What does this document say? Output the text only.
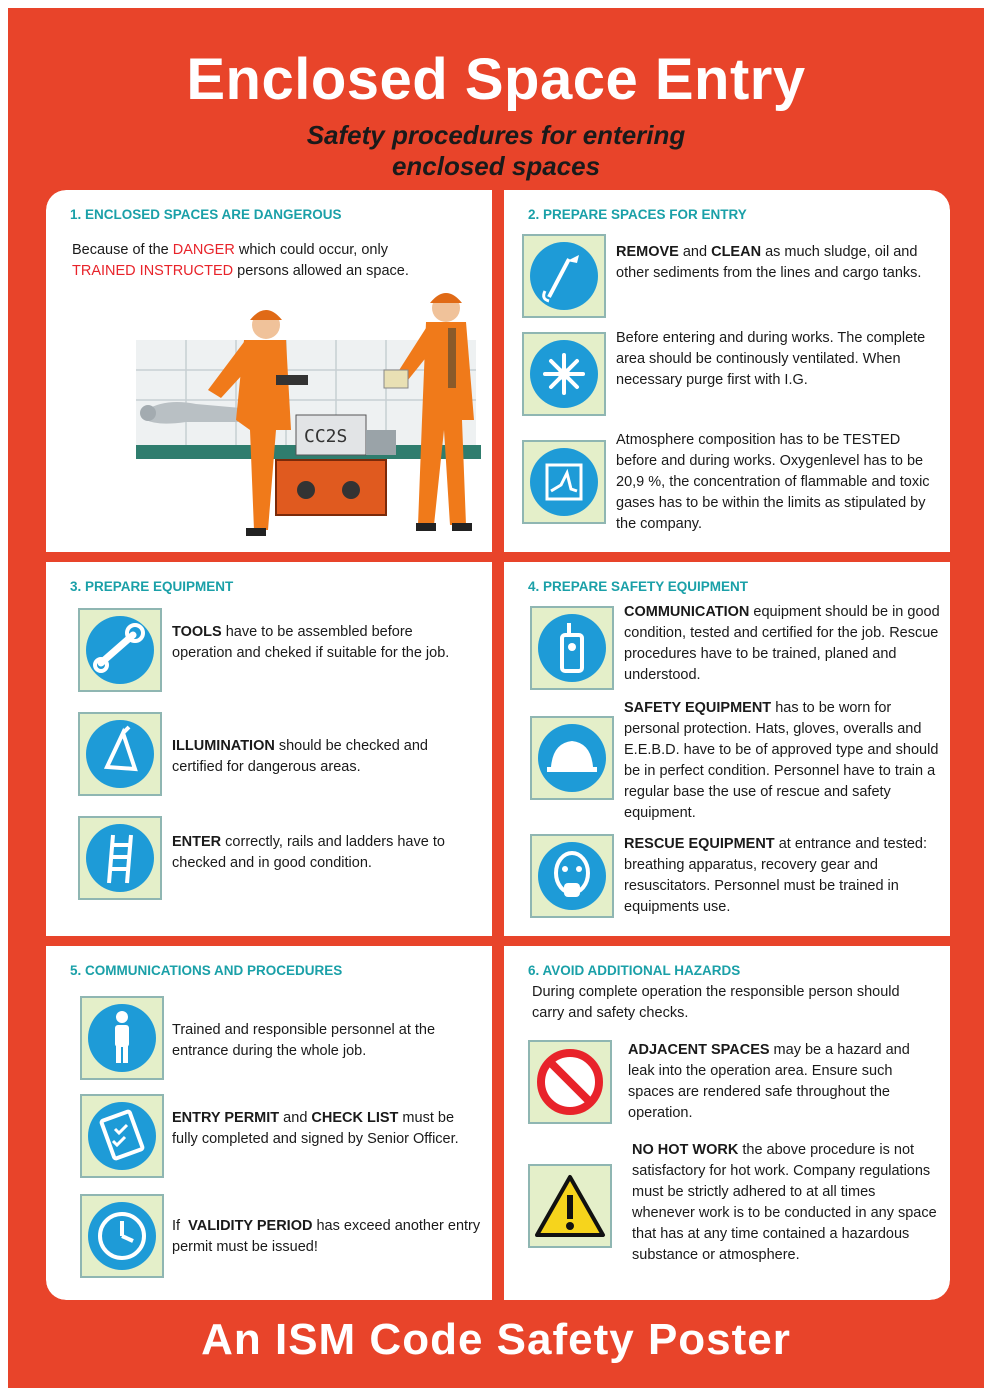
Enclosed Space Entry
Safety procedures for entering
enclosed spaces
1. ENCLOSED SPACES ARE DANGEROUS
Because of the DANGER which could occur, only
TRAINED INSTRUCTED persons allowed an space.
CC2S
2. PREPARE SPACES FOR ENTRY
REMOVE and CLEAN as much sludge, oil and other sediments from the lines and cargo tanks.
Before entering and during works. The complete area should be continously ventilated. When necessary purge first with I.G.
Atmosphere composition has to be TESTED before and during works. Oxygenlevel has to be 20,9 %, the concentration of flammable and toxic gases has to be within the limits as stipulated by the company.
3. PREPARE EQUIPMENT
TOOLS have to be assembled before operation and cheked if suitable for the job.
ILLUMINATION should be checked and certified for dangerous areas.
ENTER correctly, rails and ladders have to checked and in good condition.
4. PREPARE SAFETY EQUIPMENT
COMMUNICATION equipment should be in good condition, tested and certified for the job. Rescue procedures have to be trained, planed and understood.
SAFETY EQUIPMENT has to be worn for personal protection. Hats, gloves, overalls and E.E.B.D. have to be of approved type and should be in perfect condition. Personnel have to train a regular base the use of rescue and safety equipment.
RESCUE EQUIPMENT at entrance and tested: breathing apparatus, recovery gear and resuscitators. Personnel must be trained in equipments use.
5. COMMUNICATIONS AND PROCEDURES
Trained and responsible personnel at the entrance during the whole job.
ENTRY PERMIT and CHECK LIST must be fully completed and signed by Senior Officer.
If  VALIDITY PERIOD has exceed another entry permit must be issued!
6. AVOID ADDITIONAL HAZARDS
During complete operation the responsible person should carry and safety checks.
ADJACENT SPACES may be a hazard and leak into the operation area. Ensure such spaces are rendered safe throughout the operation.
NO HOT WORK the above procedure is not satisfactory for hot work. Company regulations must be strictly adhered to at all times whenever work is to be conducted in any space that has at any time contained a hazardous substance or atmosphere.
An ISM Code Safety Poster
